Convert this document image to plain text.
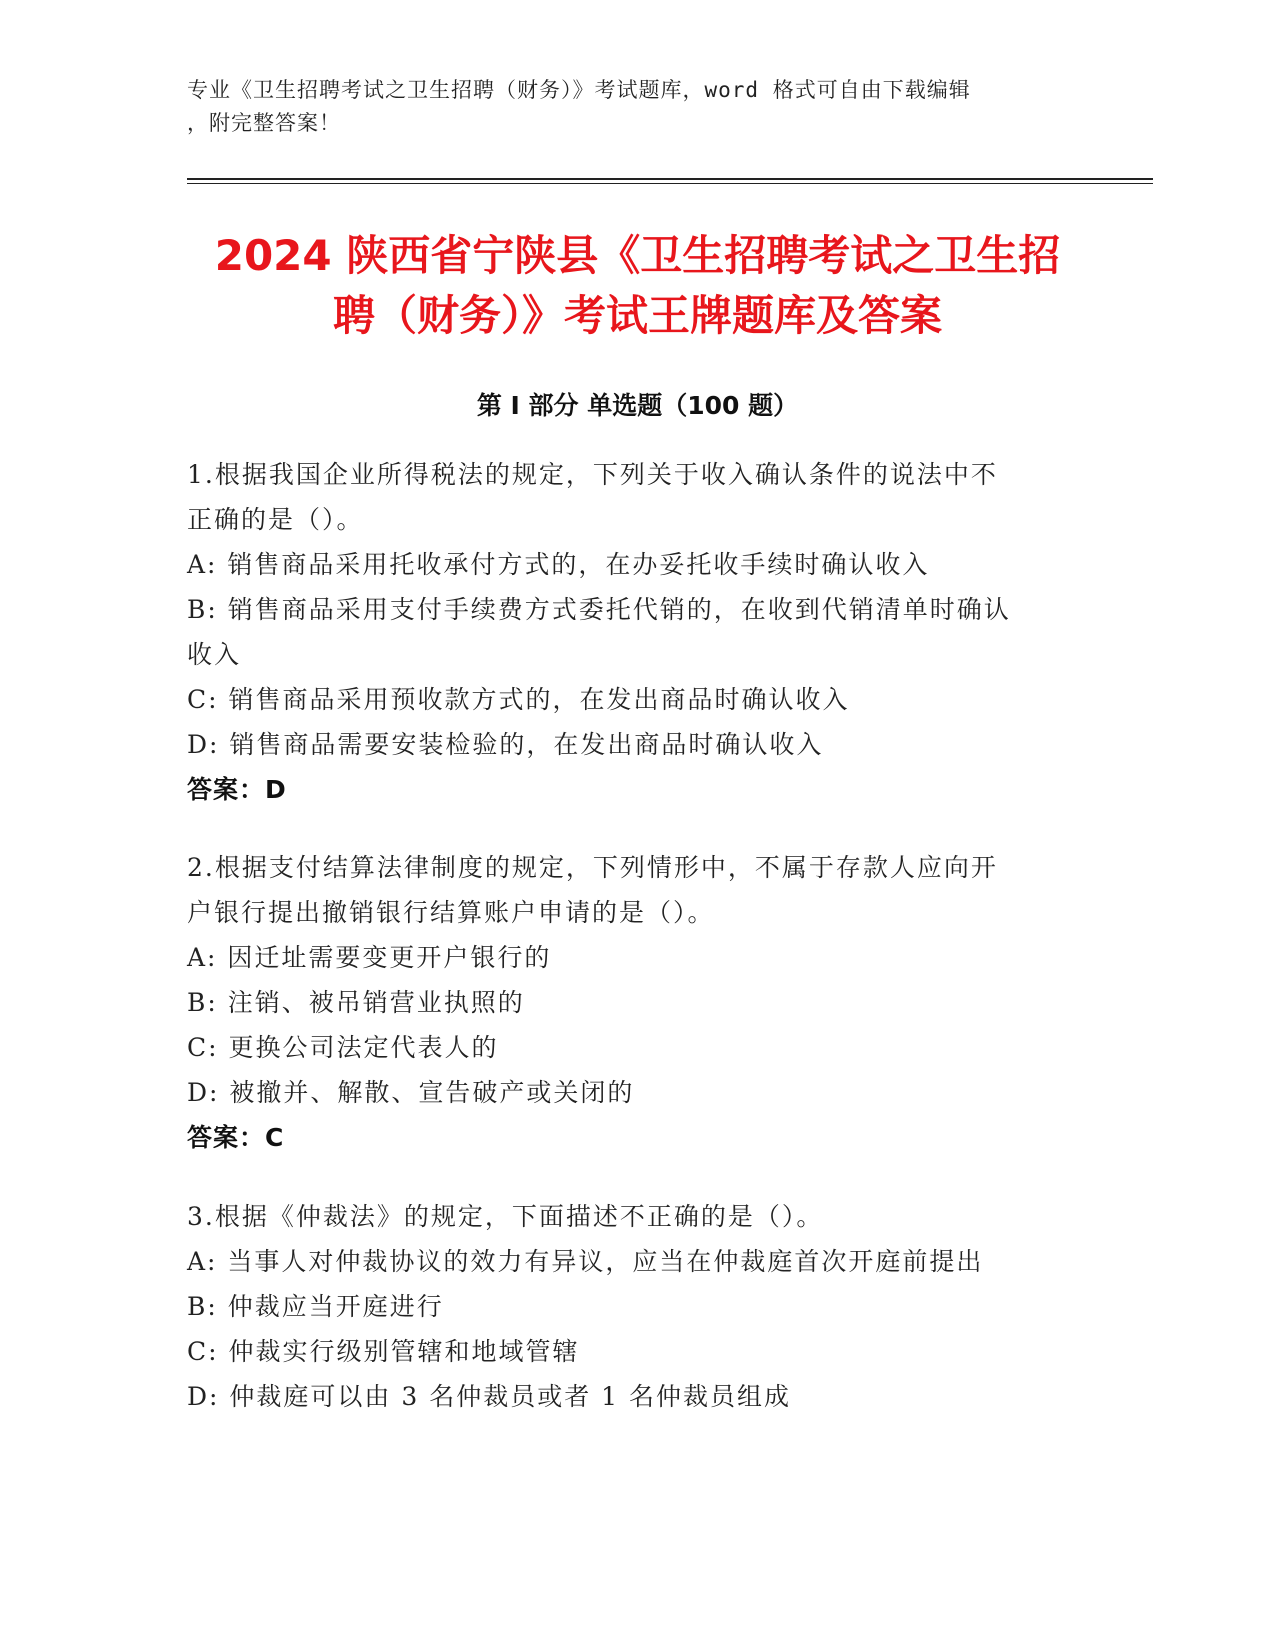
专业《卫生招聘考试之卫生招聘（财务）》考试题库，word 格式可自由下载编辑
，附完整答案！
2024 陕西省宁陕县《卫生招聘考试之卫生招
聘（财务）》考试王牌题库及答案
第 I 部分 单选题（100 题）
1.根据我国企业所得税法的规定，下列关于收入确认条件的说法中不
正确的是（）。
A: 销售商品采用托收承付方式的，在办妥托收手续时确认收入
B: 销售商品采用支付手续费方式委托代销的，在收到代销清单时确认
收入
C: 销售商品采用预收款方式的，在发出商品时确认收入
D: 销售商品需要安装检验的，在发出商品时确认收入
答案：D
2.根据支付结算法律制度的规定，下列情形中，不属于存款人应向开
户银行提出撤销银行结算账户申请的是（）。
A: 因迁址需要变更开户银行的
B: 注销、被吊销营业执照的
C: 更换公司法定代表人的
D: 被撤并、解散、宣告破产或关闭的
答案：C
3.根据《仲裁法》的规定，下面描述不正确的是（）。
A: 当事人对仲裁协议的效力有异议，应当在仲裁庭首次开庭前提出
B: 仲裁应当开庭进行
C: 仲裁实行级别管辖和地域管辖
D: 仲裁庭可以由 3 名仲裁员或者 1 名仲裁员组成
